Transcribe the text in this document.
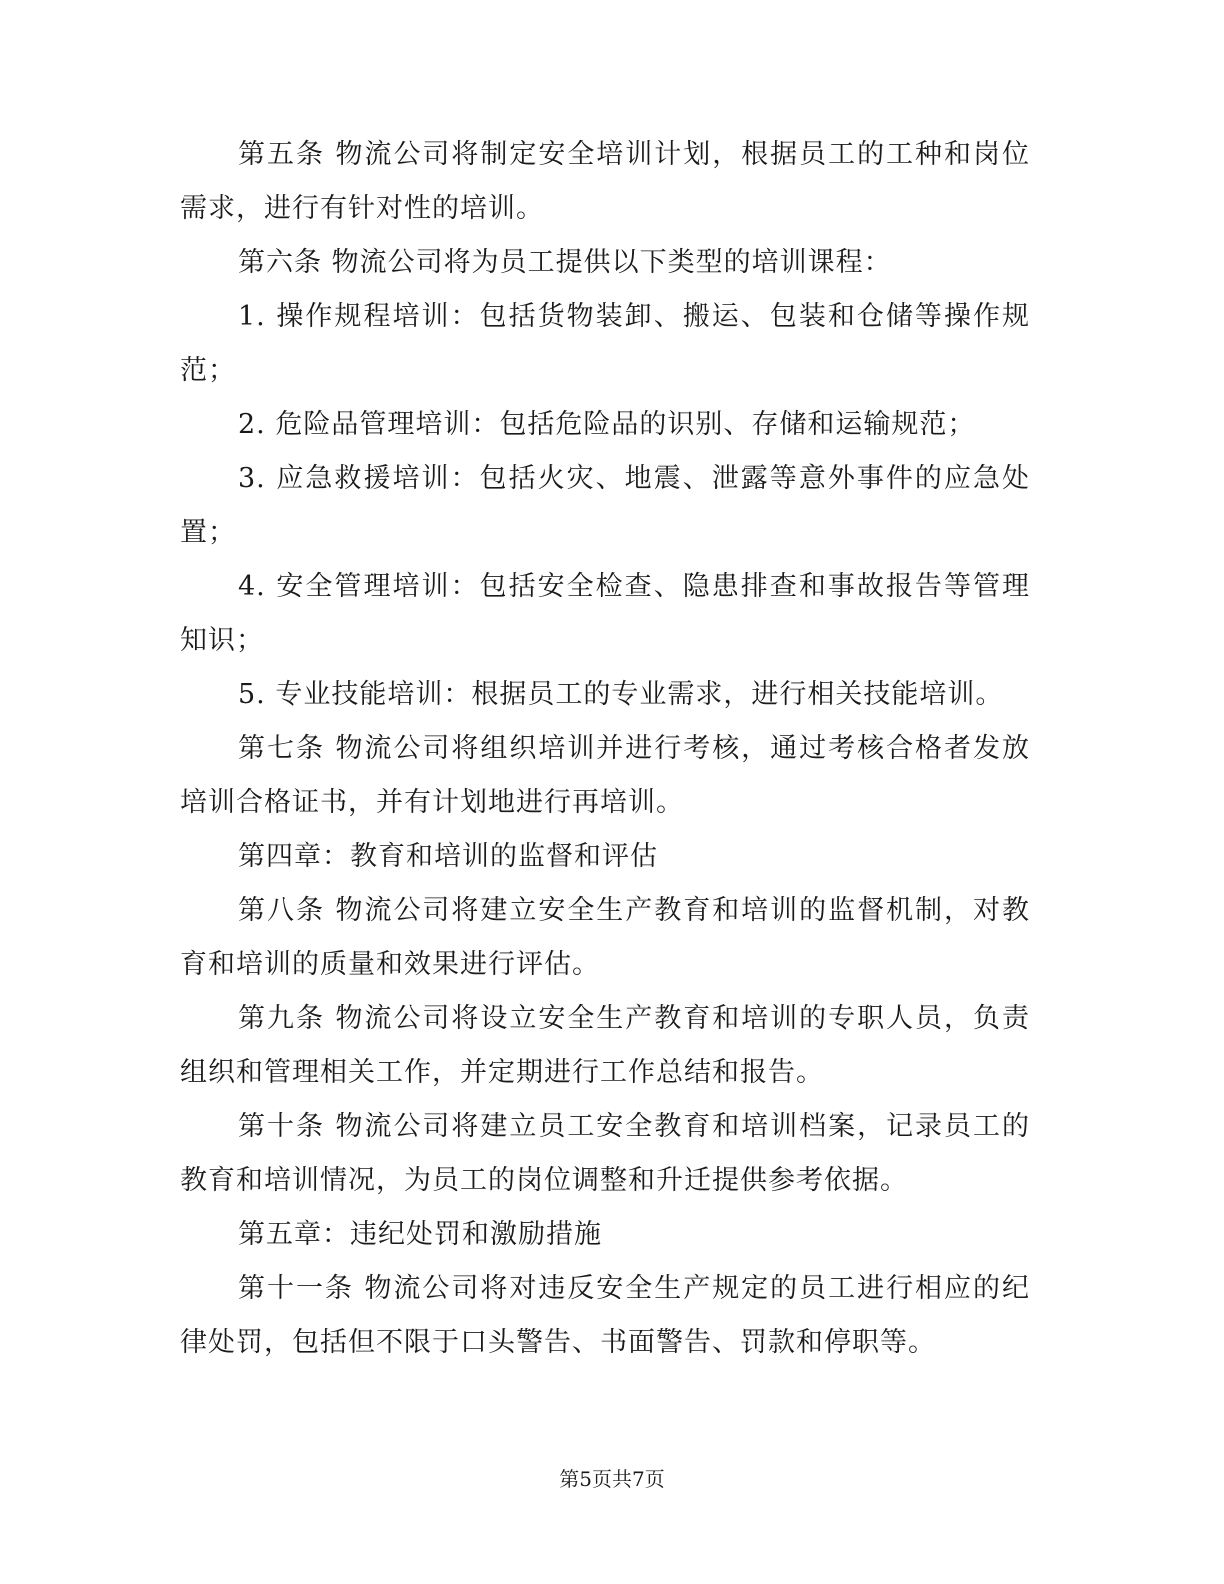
第五条 物流公司将制定安全培训计划，根据员工的工种和岗位需求，进行有针对性的培训。

第六条 物流公司将为员工提供以下类型的培训课程：

1. 操作规程培训：包括货物装卸、搬运、包装和仓储等操作规范；

2. 危险品管理培训：包括危险品的识别、存储和运输规范；

3. 应急救援培训：包括火灾、地震、泄露等意外事件的应急处置；

4. 安全管理培训：包括安全检查、隐患排查和事故报告等管理知识；

5. 专业技能培训：根据员工的专业需求，进行相关技能培训。

第七条 物流公司将组织培训并进行考核，通过考核合格者发放培训合格证书，并有计划地进行再培训。

第四章：教育和培训的监督和评估

第八条 物流公司将建立安全生产教育和培训的监督机制，对教育和培训的质量和效果进行评估。

第九条 物流公司将设立安全生产教育和培训的专职人员，负责组织和管理相关工作，并定期进行工作总结和报告。

第十条 物流公司将建立员工安全教育和培训档案，记录员工的教育和培训情况，为员工的岗位调整和升迁提供参考依据。

第五章：违纪处罚和激励措施

第十一条 物流公司将对违反安全生产规定的员工进行相应的纪律处罚，包括但不限于口头警告、书面警告、罚款和停职等。

第5页共7页
